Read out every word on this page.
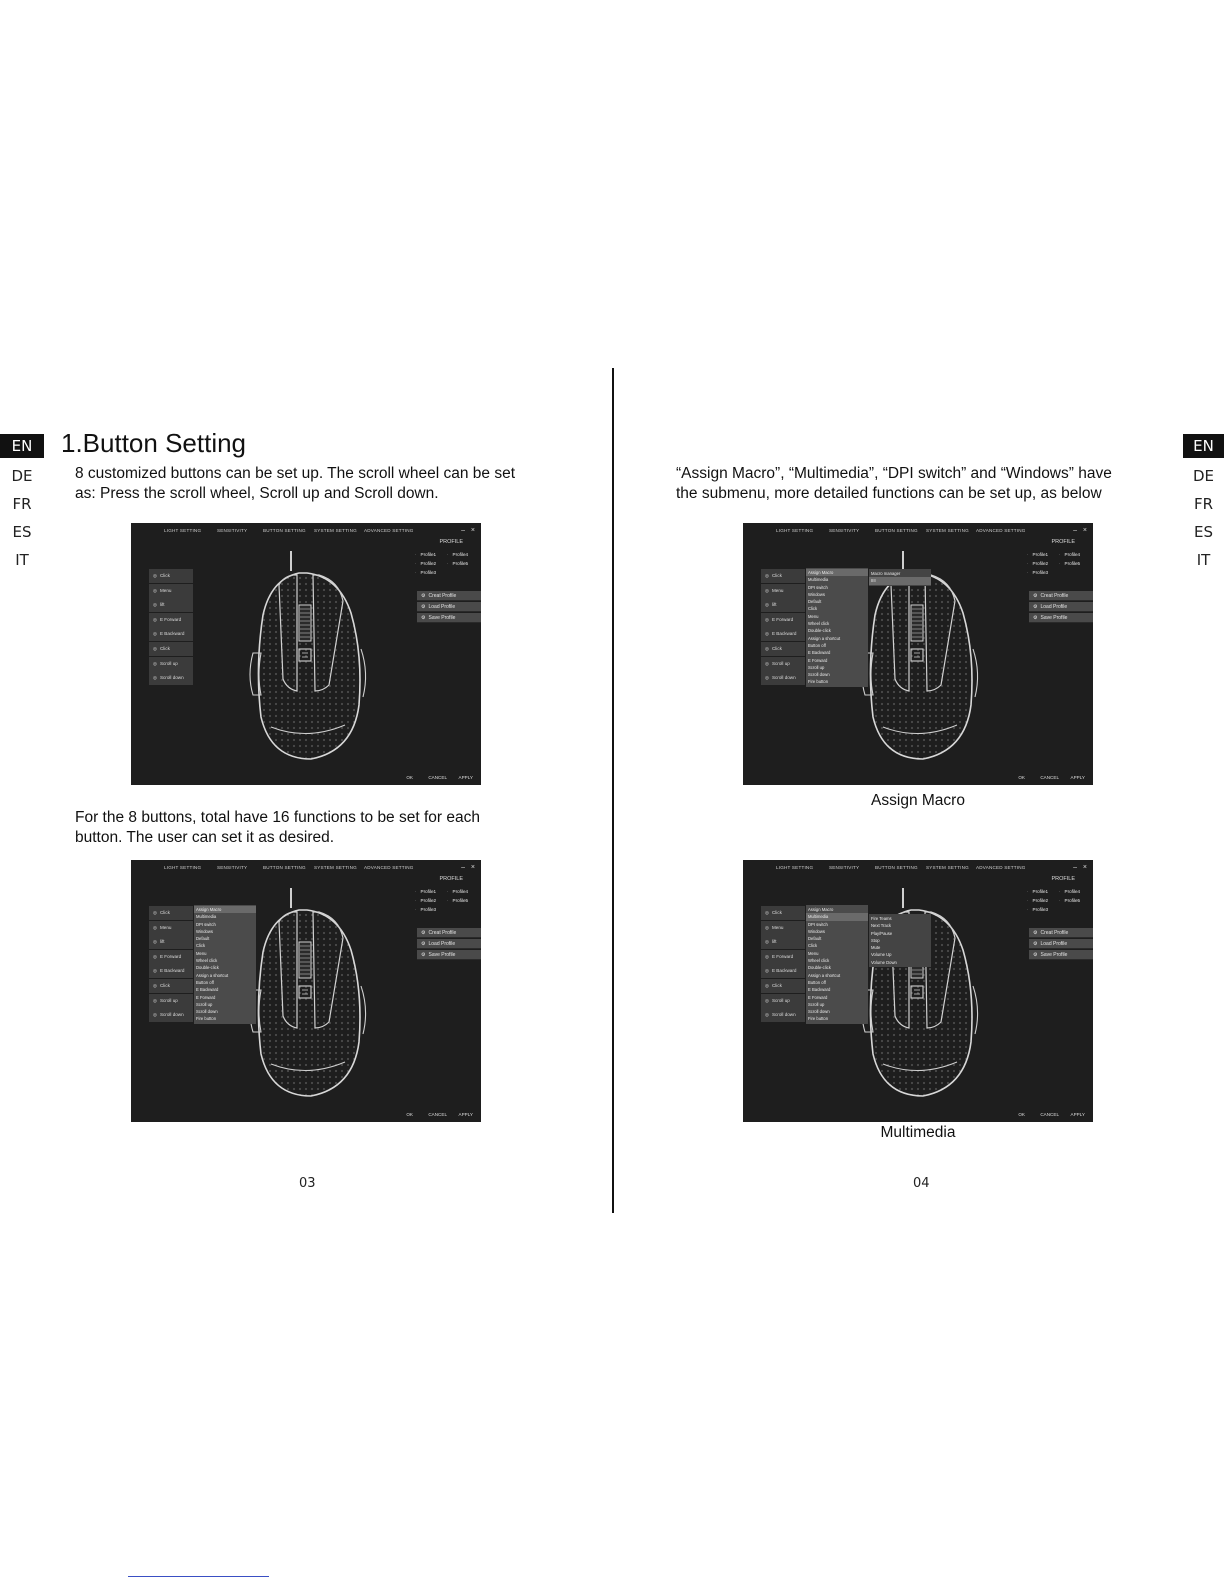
EN
DE
FR
ES
IT
EN
DE
FR
ES
IT
1.Button Setting
8 customized buttons can be set up. The scroll wheel can be set
as: Press the scroll wheel, Scroll up and Scroll down.
For the 8 buttons, total have 16 functions to be set for each
button. The user can set it as desired.
03
“Assign Macro”, “Multimedia”, “DPI switch” and “Windows” have
the submenu, more detailed functions can be set up, as below
Assign Macro
Multimedia
04
LIGHT SETTING	SENSITIVITY	BUTTON SETTING SYSTEM SETTING ADVANCED SETTING	– ×
PROFILE
· Profile1
· Profile2
· Profile3
· Profile4
· Profile5
⚙ Creat Profile
⚙ Load Profile
⚙ Save Profile
OK	CANCEL	APPLY
◎ Click
◎ Menu
◎ lift
◎ E Forward
◎ E Backward
◎ Click
◎ Scroll up
◎ Scroll down
LIGHT SETTING	SENSITIVITY	BUTTON SETTING SYSTEM SETTING ADVANCED SETTING	– ×
PROFILE
· Profile1
· Profile2
· Profile3
· Profile4
· Profile5
⚙ Creat Profile
⚙ Load Profile
⚙ Save Profile
OK	CANCEL	APPLY
◎ Click
◎ Menu
◎ lift
◎ E Forward
◎ E Backward
◎ Click
◎ Scroll up
◎ Scroll down
Assign Macro
Multimedia
DPI switch
Windows
Default
Click
Menu
Wheel click
Double-click
Assign a shortcut
Button off
E Backward
E Forward
Scroll up
Scroll down
Fire button
LIGHT SETTING	SENSITIVITY	BUTTON SETTING SYSTEM SETTING ADVANCED SETTING	– ×
PROFILE
· Profile1
· Profile2
· Profile3
· Profile4
· Profile5
⚙ Creat Profile
⚙ Load Profile
⚙ Save Profile
OK	CANCEL	APPLY
◎ Click
◎ Menu
◎ lift
◎ E Forward
◎ E Backward
◎ Click
◎ Scroll up
◎ Scroll down
Assign Macro
Multimedia
DPI switch
Windows
Default
Click
Menu
Wheel click
Double-click
Assign a shortcut
Button off
E Backward
E Forward
Scroll up
Scroll down
Fire button
Macro manager
IIII
LIGHT SETTING	SENSITIVITY	BUTTON SETTING SYSTEM SETTING ADVANCED SETTING	– ×
PROFILE
· Profile1
· Profile2
· Profile3
· Profile4
· Profile5
⚙ Creat Profile
⚙ Load Profile
⚙ Save Profile
OK	CANCEL	APPLY
◎ Click
◎ Menu
◎ lift
◎ E Forward
◎ E Backward
◎ Click
◎ Scroll up
◎ Scroll down
Assign Macro
Multimedia
DPI switch
Windows
Default
Click
Menu
Wheel click
Double-click
Assign a shortcut
Button off
E Backward
E Forward
Scroll up
Scroll down
Fire button
Fire Teams
Next Track
Play/Pause
Stop
Mute
Volume Up
Volume Down
